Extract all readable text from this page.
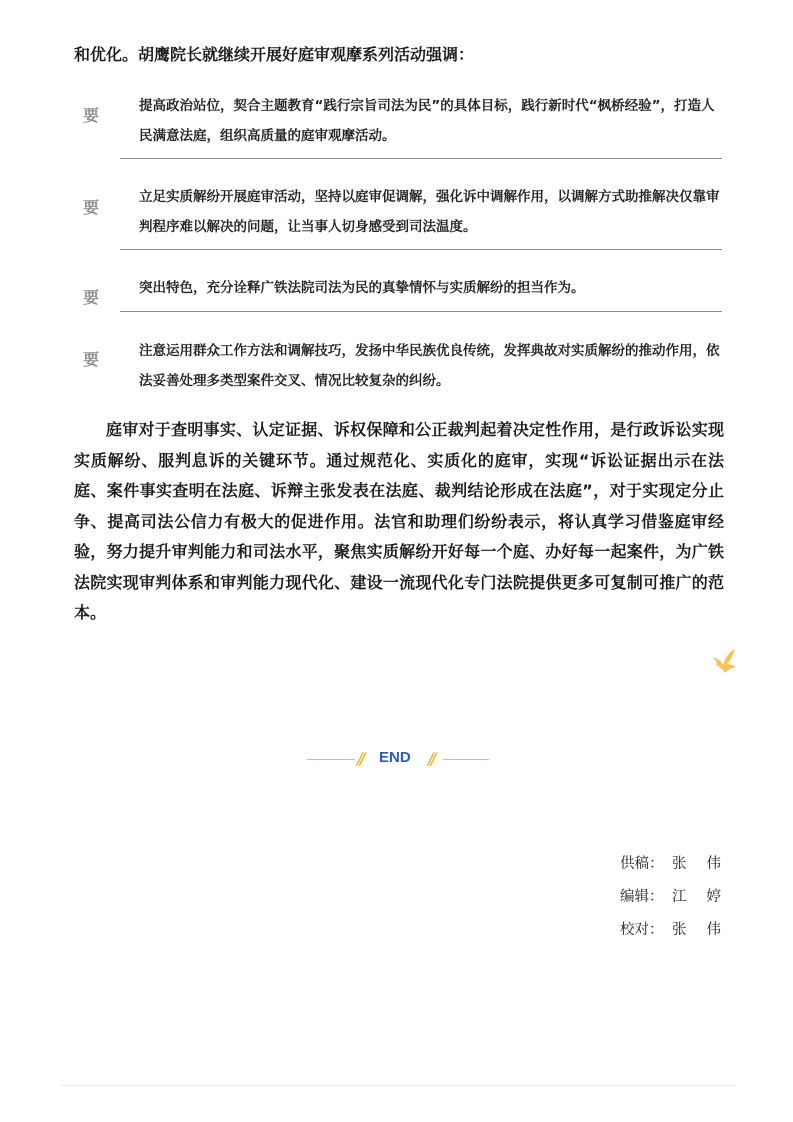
和优化。胡鹰院长就继续开展好庭审观摩系列活动强调：

要	提高政治站位，契合主题教育“践行宗旨司法为民”的具体目标，践行新时代“枫桥经验”，打造人民满意法庭，组织高质量的庭审观摩活动。

要

立足实质解纷开展庭审活动，坚持以庭审促调解，强化诉中调解作用，以调解方式助推解决仅靠审判程序难以解决的问题，让当事人切身感受到司法温度。

要	突出特色，充分诠释广铁法院司法为民的真挚情怀与实质解纷的担当作为。

要	注意运用群众工作方法和调解技巧，发扬中华民族优良传统，发挥典故对实质解纷的推动作用，依法妥善处理多类型案件交叉、情况比较复杂的纠纷。

庭审对于查明事实、认定证据、诉权保障和公正裁判起着决定性作用，是行政诉讼实现实质解纷、服判息诉的关键环节。通过规范化、实质化的庭审，实现“诉讼证据出示在法庭、案件事实查明在法庭、诉辩主张发表在法庭、裁判结论形成在法庭”，对于实现定分止争、提高司法公信力有极大的促进作用。法官和助理们纷纷表示，将认真学习借鉴庭审经验，努力提升审判能力和司法水平，聚焦实质解纷开好每一个庭、办好每一起案件，为广铁法院实现审判体系和审判能力现代化、建设一流现代化专门法院提供更多可复制可推广的范本。

// END //
供稿： 张伟
编辑： 江婷
校对： 张伟
